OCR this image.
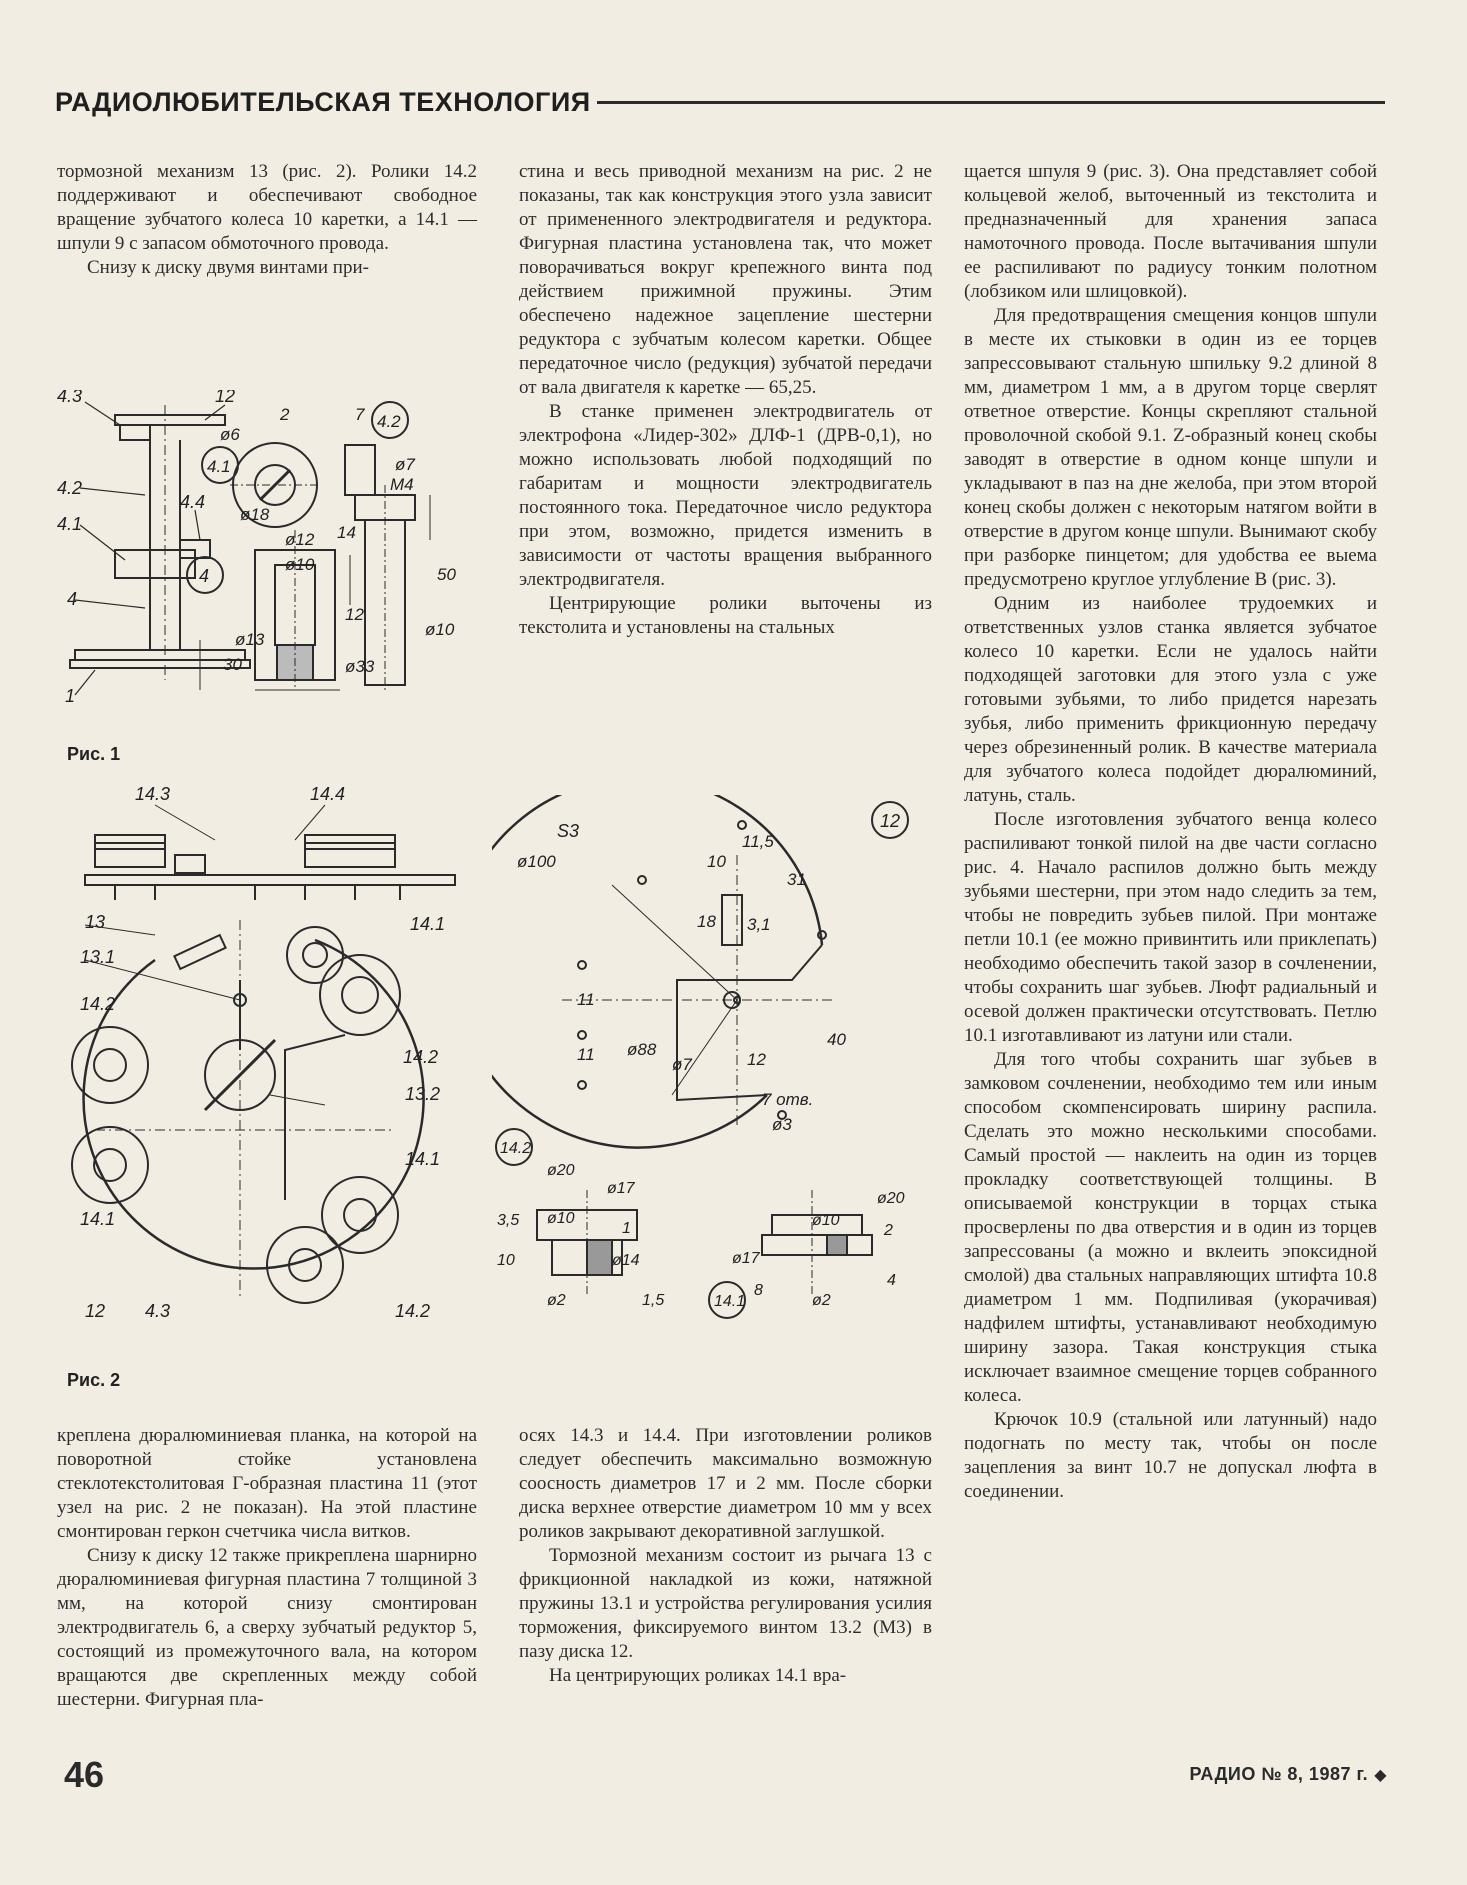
РАДИОЛЮБИТЕЛЬСКАЯ ТЕХНОЛОГИЯ

тормозной механизм 13 (рис. 2). Ролики 14.2 поддерживают и обеспечивают свободное вращение зубчатого колеса 10 каретки, а 14.1 — шпули 9 с запасом обмоточного провода.

Снизу к диску двумя винтами при-

стина и весь приводной механизм на рис. 2 не показаны, так как конструкция этого узла зависит от примененного электродвигателя и редуктора. Фигурная пластина установлена так, что может поворачиваться вокруг крепежного винта под действием прижимной пружины. Этим обеспечено надежное зацепление шестерни редуктора с зубчатым колесом каретки. Общее передаточное число (редукция) зубчатой передачи от вала двигателя к каретке — 65,25.

В станке применен электродвигатель от электрофона «Лидер-302» ДЛФ-1 (ДРВ-0,1), но можно использовать любой подходящий по габаритам и мощности электродвигатель постоянного тока. Передаточное число редуктора при этом, возможно, придется изменить в зависимости от частоты вращения выбранного электродвигателя.

Центрирующие ролики выточены из текстолита и установлены на стальных

щается шпуля 9 (рис. 3). Она представляет собой кольцевой желоб, выточенный из текстолита и предназначенный для хранения запаса намоточного провода. После вытачивания шпули ее распиливают по радиусу тонким полотном (лобзиком или шлицовкой).

Для предотвращения смещения концов шпули в месте их стыковки в один из ее торцев запрессовывают стальную шпильку 9.2 длиной 8 мм, диаметром 1 мм, а в другом торце сверлят ответное отверстие. Концы скрепляют стальной проволочной скобой 9.1. Z-образный конец скобы заводят в отверстие в одном конце шпули и укладывают в паз на дне желоба, при этом второй конец скобы должен с некоторым натягом войти в отверстие в другом конце шпули. Вынимают скобу при разборке пинцетом; для удобства ее выема предусмотрено круглое углубление В (рис. 3).

Одним из наиболее трудоемких и ответственных узлов станка является зубчатое колесо 10 каретки. Если не удалось найти подходящей заготовки для этого узла с уже готовыми зубьями, то либо придется нарезать зубья, либо применить фрикционную передачу через обрезиненный ролик. В качестве материала для зубчатого колеса подойдет дюралюминий, латунь, сталь.

После изготовления зубчатого венца колесо распиливают тонкой пилой на две части согласно рис. 4. Начало распилов должно быть между зубьями шестерни, при этом надо следить за тем, чтобы не повредить зубьев пилой. При монтаже петли 10.1 (ее можно привинтить или приклепать) необходимо обеспечить такой зазор в сочленении, чтобы сохранить шаг зубьев. Люфт радиальный и осевой должен практически отсутствовать. Петлю 10.1 изготавливают из латуни или стали.

Для того чтобы сохранить шаг зубьев в замковом сочленении, необходимо тем или иным способом скомпенсировать ширину распила. Сделать это можно несколькими способами. Самый простой — наклеить на один из торцев прокладку соответствующей толщины. В описываемой конструкции в торцах стыка просверлены по два отверстия и в один из торцев запрессованы (а можно и вклеить эпоксидной смолой) два стальных направляющих штифта 10.8 диаметром 1 мм. Подпиливая (укорачивая) надфилем штифты, устанавливают необходимую ширину зазора. Такая конструкция стыка исключает взаимное смещение торцев собранного колеса.

Крючок 10.9 (стальной или латунный) надо подогнать по месту так, чтобы он после зацепления за винт 10.7 не допускал люфта в соединении.

креплена дюралюминиевая планка, на которой на поворотной стойке установлена стеклотекстолитовая Г-образная пластина 11 (этот узел на рис. 2 не показан). На этой пластине смонтирован геркон счетчика числа витков.

Снизу к диску 12 также прикреплена шарнирно дюралюминиевая фигурная пластина 7 толщиной 3 мм, на которой снизу смонтирован электродвигатель 6, а сверху зубчатый редуктор 5, состоящий из промежуточного вала, на котором вращаются две скрепленных между собой шестерни. Фигурная пла-

осях 14.3 и 14.4. При изготовлении роликов следует обеспечить максимально возможную соосность диаметров 17 и 2 мм. После сборки диска верхнее отверстие диаметром 10 мм у всех роликов закрывают декоративной заглушкой.

Тормозной механизм состоит из рычага 13 с фрикционной накладкой из кожи, натяжной пружины 13.1 и устройства регулирования усилия торможения, фиксируемого винтом 13.2 (М3) в пазу диска 12.

На центрирующих роликах 14.1 вра-

4.3	12
4.2
4.1
4
1
4.4
4.1
4
4.2
ø6
2
ø18
7
ø7
M4
ø12
ø10
14
50
12
ø13
30	ø33
ø10
Рис. 1
14.3	14.4
13
13.1
14.1
14.2
14.2
13.2
14.1
14.1
12 4.3	14.2
Рис. 2
S3
ø100
12
10
11,5
31
18 3,1
11
11 ø88
ø7	12
40
7 отв.
ø3
14.2
ø20
ø17
ø10
1
3,5
10	ø14
ø2	1,5
ø20
ø10
2
ø17
8
14.1	ø2
4
46	РАДИО № 8, 1987 г. ◆
